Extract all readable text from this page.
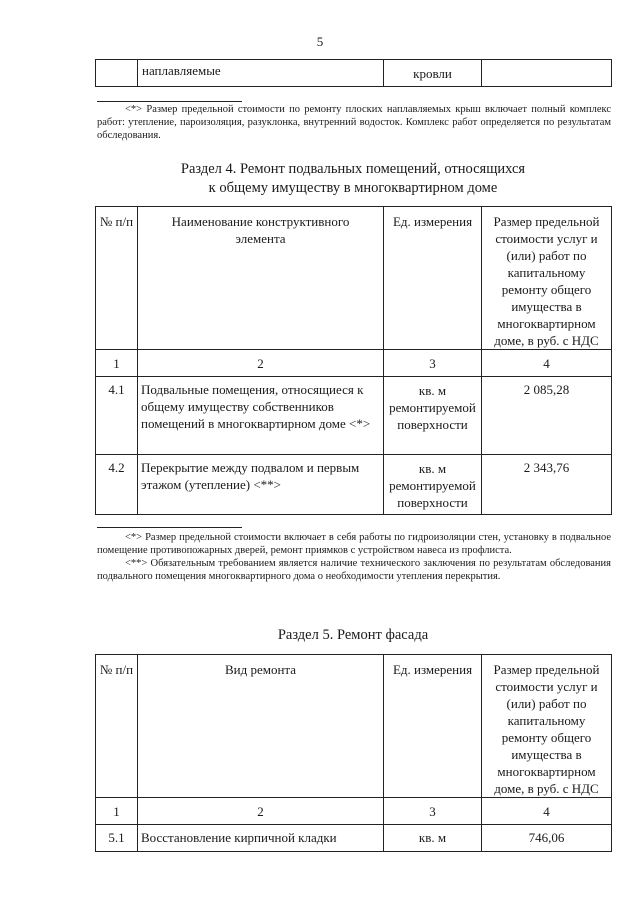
5
	наплавляемые	кровли	

<*> Размер предельной стоимости по ремонту плоских наплавляемых крыш включает полный комплекс работ: утепление, пароизоляция, разуклонка, внутренний водосток. Комплекс работ определяется по результатам обследования.

Раздел 4. Ремонт подвальных помещений, относящихся
к общему имуществу в многоквартирном доме
№ п/п	Наименование конструктивного элемента	Ед. измерения	Размер предельной стоимости услуг и (или) работ по капитальному ремонту общего имущества в многоквартирном доме, в руб. с НДС
1	2	3	4
4.1	Подвальные помещения, относящиеся к общему имуществу собственников помещений в многоквартирном доме <*>	кв. м ремонтируемой поверхности	2 085,28
4.2	Перекрытие между подвалом и первым этажом (утепление) <**>	кв. м ремонтируемой поверхности	2 343,76

<*> Размер предельной стоимости включает в себя работы по гидроизоляции стен, установку в подвальное помещение противопожарных дверей, ремонт приямков с устройством навеса из профлиста.

<**> Обязательным требованием является наличие технического заключения по результатам обследования подвального помещения многоквартирного дома о необходимости утепления перекрытия.

Раздел 5. Ремонт фасада
№ п/п	Вид ремонта	Ед. измерения	Размер предельной стоимости услуг и (или) работ по капитальному ремонту общего имущества в многоквартирном доме, в руб. с НДС
1	2	3	4
5.1	Восстановление кирпичной кладки	кв. м	746,06
